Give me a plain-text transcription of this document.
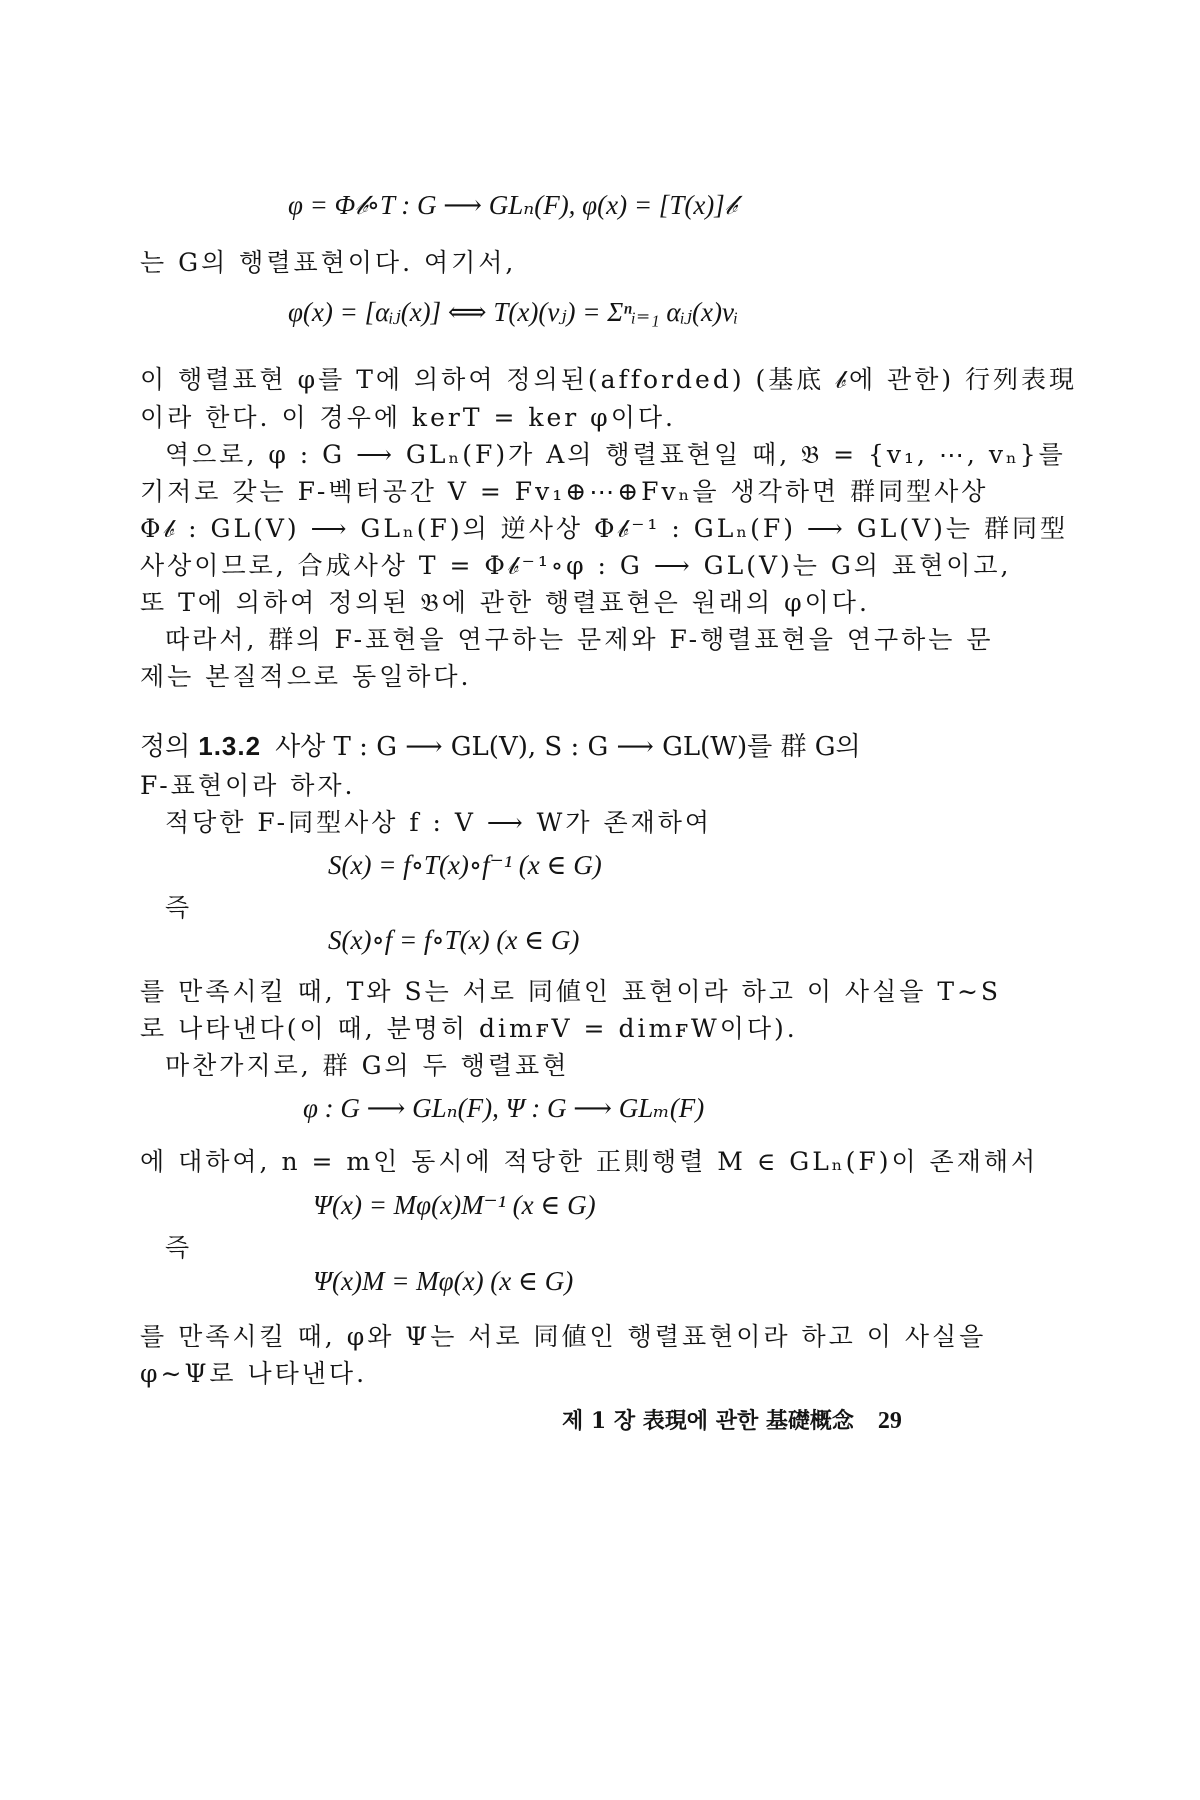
φ = Φ𝒷∘T : G ⟶ GLₙ(F), φ(x) = [T(x)]𝒷
는 G의 행렬표현이다. 여기서,
φ(x) = [αᵢⱼ(x)] ⟺ T(x)(vⱼ) = Σⁿᵢ₌₁ αᵢⱼ(x)vᵢ
이 행렬표현 φ를 T에 의하여 정의된(afforded) (基底 𝒷에 관한) 行列表現
이라 한다. 이 경우에 kerT = ker φ이다.
역으로, φ : G ⟶ GLₙ(F)가 A의 행렬표현일 때, 𝔅 = {v₁, ⋯, vₙ}를
기저로 갖는 F-벡터공간 V = Fv₁⊕⋯⊕Fvₙ을 생각하면 群同型사상
Φ𝒷 : GL(V) ⟶ GLₙ(F)의 逆사상 Φ𝒷⁻¹ : GLₙ(F) ⟶ GL(V)는 群同型
사상이므로, 合成사상 T = Φ𝒷⁻¹∘φ : G ⟶ GL(V)는 G의 표현이고,
또 T에 의하여 정의된 𝔅에 관한 행렬표현은 원래의 φ이다.
따라서, 群의 F-표현을 연구하는 문제와 F-행렬표현을 연구하는 문
제는 본질적으로 동일하다.
정의 1.3.2 사상 T : G ⟶ GL(V), S : G ⟶ GL(W)를 群 G의
F-표현이라 하자.
적당한 F-同型사상 f : V ⟶ W가 존재하여
S(x) = f∘T(x)∘f⁻¹ (x ∈ G)
즉
S(x)∘f = f∘T(x) (x ∈ G)
를 만족시킬 때, T와 S는 서로 同値인 표현이라 하고 이 사실을 T∼S
로 나타낸다(이 때, 분명히 dimꜰV = dimꜰW이다).
마찬가지로, 群 G의 두 행렬표현
φ : G ⟶ GLₙ(F), Ψ : G ⟶ GLₘ(F)
에 대하여, n = m인 동시에 적당한 正則행렬 M ∈ GLₙ(F)이 존재해서
Ψ(x) = Mφ(x)M⁻¹ (x ∈ G)
즉
Ψ(x)M = Mφ(x) (x ∈ G)
를 만족시킬 때, φ와 Ψ는 서로 同値인 행렬표현이라 하고 이 사실을
φ∼Ψ로 나타낸다.
제 1 장 表現에 관한 基礎概念 29
